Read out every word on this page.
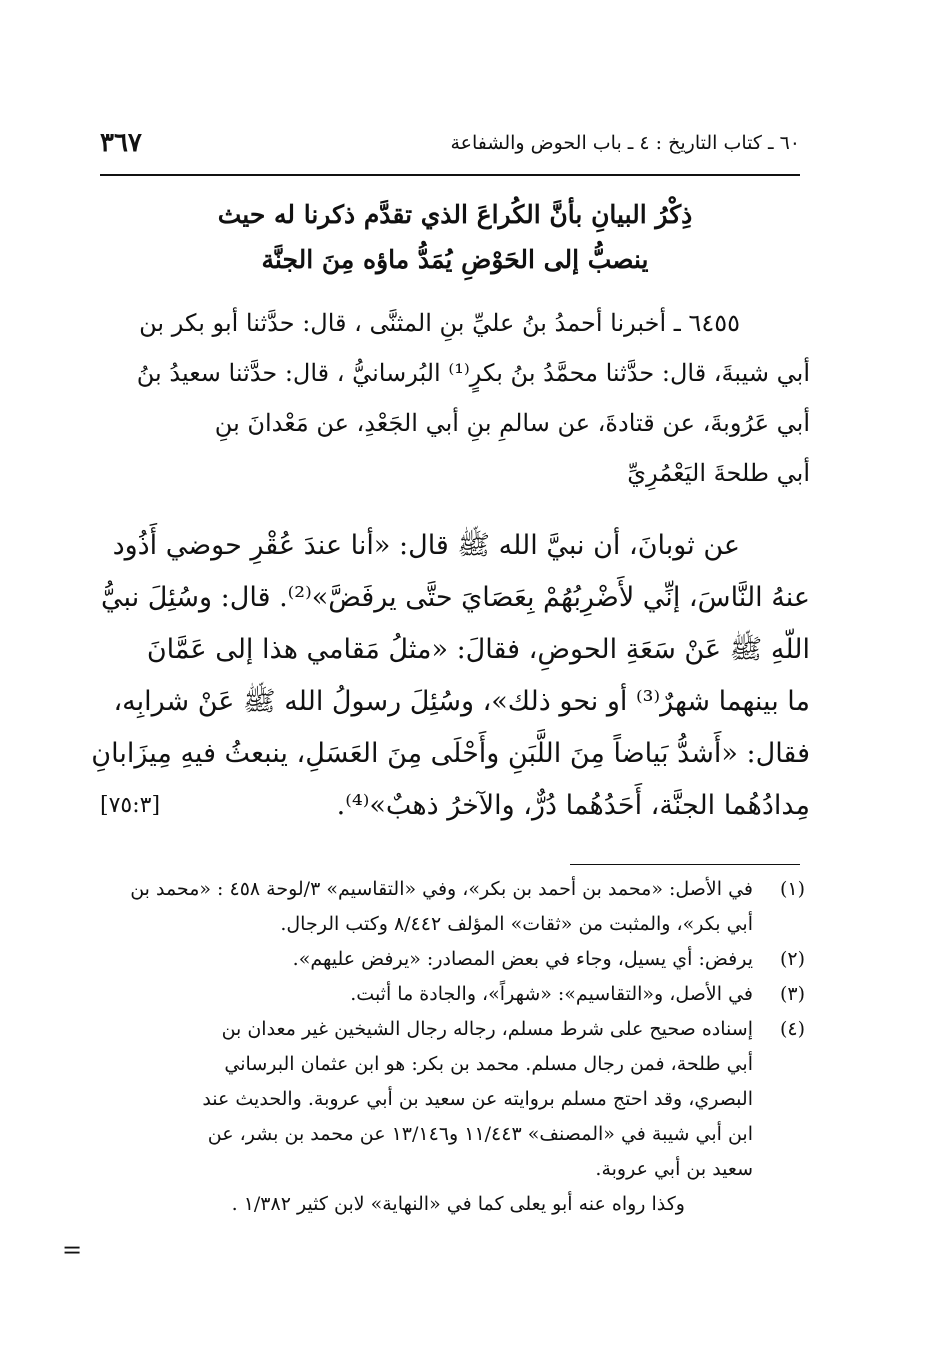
٦٠ ـ كتاب التاريخ : ٤ ـ باب الحوض والشفاعة
٣٦٧
ذِكْرُ البيانِ بأنَّ الكُراعَ الذي تقدَّم ذكرنا له حيث
ينصبُّ إلى الحَوْضِ يُمَدُّ ماؤه مِنَ الجنَّة
٦٤٥٥ ـ أخبرنا أحمدُ بنُ عليِّ بنِ المثنَّى ، قال: حدَّثنا أبو بكر بن
أبي شيبةَ، قال: حدَّثنا محمَّدُ بنُ بكرٍ⁽¹⁾ البُرسانيُّ ، قال: حدَّثنا سعيدُ بنُ
أبي عَرُوبةَ، عن قتادةَ، عن سالمِ بنِ أبي الجَعْدِ، عن مَعْدانَ بنِ
أبي طلحةَ اليَعْمُرِيِّ
عن ثوبانَ، أن نبيَّ الله ﷺ قال: «أنا عندَ عُقْرِ حوضي أَذُود
عنهُ النَّاسَ، إنِّي لأَضْرِبُهُمْ بِعَصَايَ حتَّى يرفَضَّ»⁽²⁾. قال: وسُئِلَ نبيُّ
اللّهِ ﷺ عَنْ سَعَةِ الحوضِ، فقالَ: «مثلُ مَقامي هذا إلى عَمَّانَ
ما بينهما شهرٌ⁽³⁾ أو نحو ذلك»، وسُئِلَ رسولُ الله ﷺ عَنْ شرابِه،
فقال: «أَشدُّ بَياضاً مِنَ اللَّبَنِ وأَحْلَى مِنَ العَسَلِ، ينبعثُ فيهِ مِيزَابانِ
مِدادُهُما الجنَّة، أَحَدُهُما دُرٌّ، والآخرُ ذهبٌ»⁽⁴⁾.
[٧٥:٣]
(١)
في الأصل: «محمد بن أحمد بن بكر»، وفي «التقاسيم» ٣/لوحة ٤٥٨ : «محمد بن
أبي بكر»، والمثبت من «ثقات» المؤلف ٨/٤٤٢ وكتب الرجال.
(٢)
يرفض: أي يسيل، وجاء في بعض المصادر: «يرفض عليهم».
(٣)
في الأصل، و«التقاسيم»: «شهراً»، والجادة ما أثبت.
(٤)
إسناده صحيح على شرط مسلم، رجاله رجال الشيخين غير معدان بن
أبي طلحة، فمن رجال مسلم. محمد بن بكر: هو ابن عثمان البرساني
البصري، وقد احتج مسلم بروايته عن سعيد بن أبي عروبة. والحديث عند
ابن أبي شيبة في «المصنف» ١١/٤٤٣ و١٣/١٤٦ عن محمد بن بشر، عن
سعيد بن أبي عروبة.
وكذا رواه عنه أبو يعلى كما في «النهاية» لابن كثير ١/٣٨٢ .
=
